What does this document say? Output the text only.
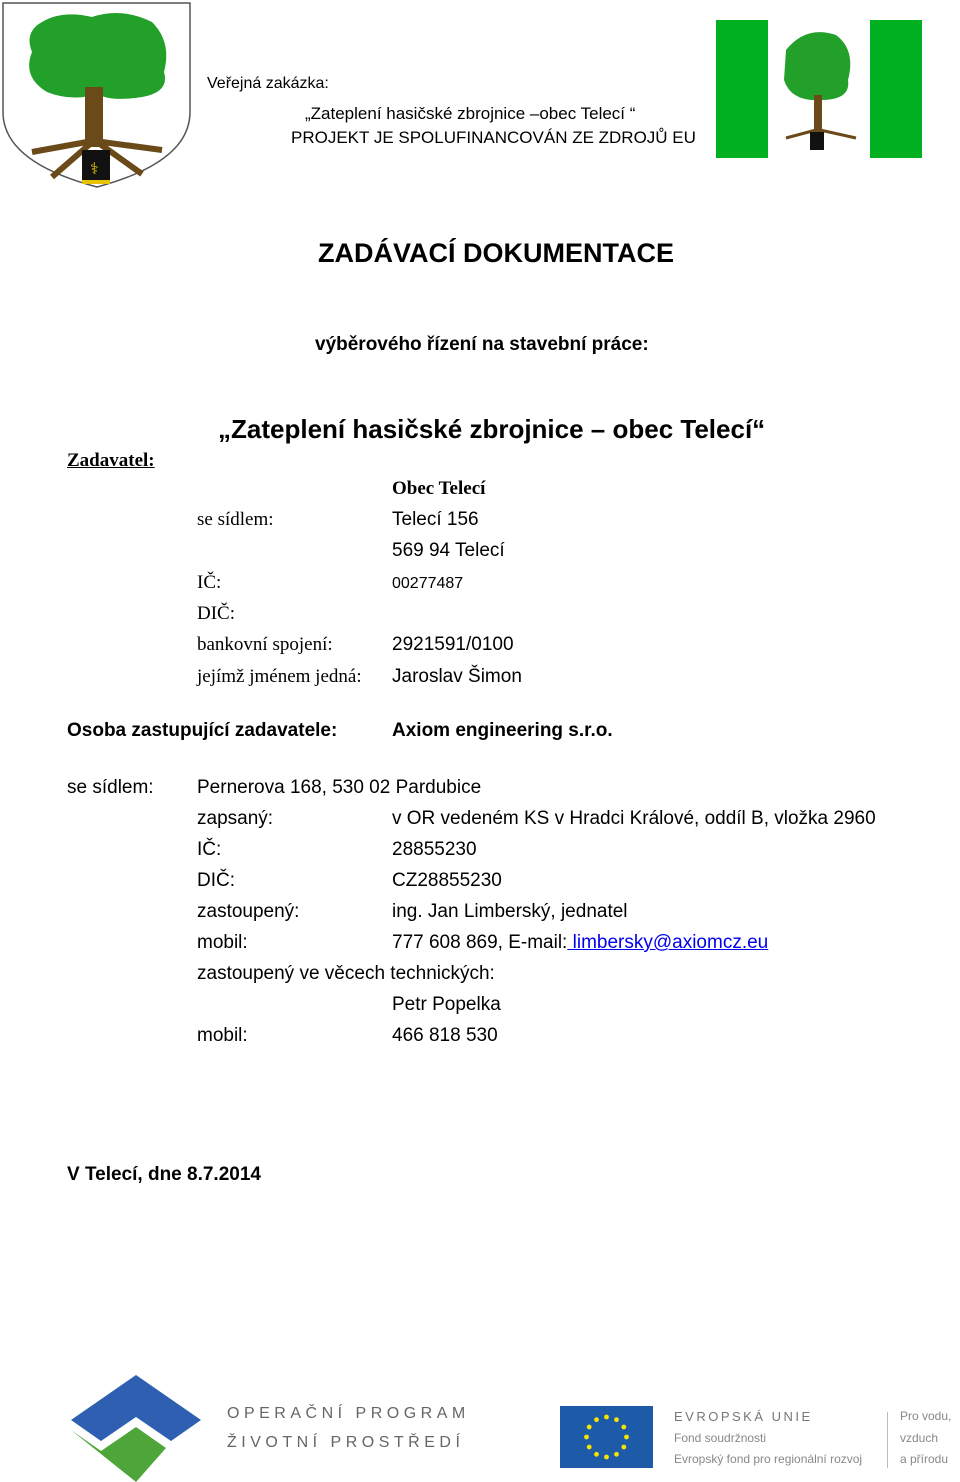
⚕
Veřejná zakázka:
„Zateplení hasičské zbrojnice –obec Telecí “
PROJEKT JE SPOLUFINANCOVÁN ZE ZDROJŮ EU
ZADÁVACÍ DOKUMENTACE
výběrového řízení na stavební práce:
„Zateplení hasičské zbrojnice – obec Telecí“
Zadavatel:
Obec Telecí
se sídlem:	Telecí 156
569 94 Telecí
IČ:	00277487
DIČ:
bankovní spojení:	2921591/0100
jejímž jménem jedná: Jaroslav Šimon
Osoba zastupující zadavatele:	Axiom engineering s.r.o.
se sídlem: Pernerova 168, 530 02 Pardubice
zapsaný:	v OR vedeném KS v Hradci Králové, oddíl B, vložka 2960
IČ:	28855230
DIČ:	CZ28855230
zastoupený:	ing. Jan Limberský, jednatel
mobil:	777 608 869, E-mail: limbersky@axiomcz.eu
zastoupený ve věcech technických:
Petr Popelka
mobil:	466 818 530
V Telecí, dne 8.7.2014
OPERAČNÍ PROGRAM
ŽIVOTNÍ PROSTŘEDÍ
EVROPSKÁ UNIE
Fond soudržnosti
Evropský fond pro regionální rozvoj
Pro vodu,
vzduch
a přírodu
